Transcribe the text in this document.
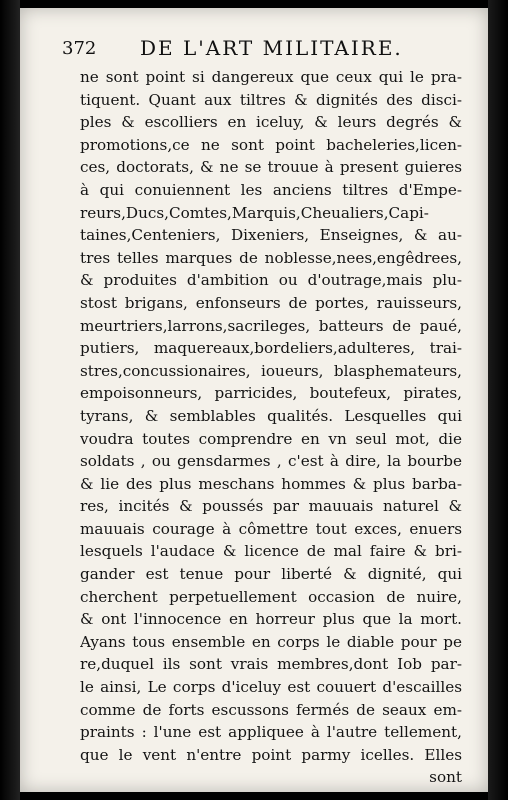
372 DE L'ART MILITAIRE.
ne sont point si dangereux que ceux qui le pra-
tiquent. Quant aux tiltres & dignités des disci-
ples & escolliers en iceluy, & leurs degrés &
promotions,ce ne sont point bacheleries,licen-
ces, doctorats, & ne se trouue à present guieres
à qui conuiennent les anciens tiltres d'Empe-
reurs,Ducs,Comtes,Marquis,Cheualiers,Capi-
taines,Centeniers, Dixeniers, Enseignes, & au-
tres telles marques de noblesse,nees,engêdrees,
& produites d'ambition ou d'outrage,mais plu-
stost brigans, enfonseurs de portes, rauisseurs,
meurtriers,larrons,sacrileges, batteurs de paué,
putiers, maquereaux,bordeliers,adulteres, trai-
stres,concussionaires, ioueurs, blasphemateurs,
empoisonneurs, parricides, boutefeux, pirates,
tyrans, & semblables qualités. Lesquelles qui
voudra toutes comprendre en vn seul mot, die
soldats , ou gensdarmes , c'est à dire, la bourbe
& lie des plus meschans hommes & plus barba-
res, incités & poussés par mauuais naturel &
mauuais courage à cômettre tout exces, enuers
lesquels l'audace & licence de mal faire & bri-
gander est tenue pour liberté & dignité, qui
cherchent perpetuellement occasion de nuire,
& ont l'innocence en horreur plus que la mort.
Ayans tous ensemble en corps le diable pour pe
re,duquel ils sont vrais membres,dont Iob par-
le ainsi, Le corps d'iceluy est couuert d'escailles
comme de forts escussons fermés de seaux em-
praints : l'une est appliquee à l'autre tellement,
que le vent n'entre point parmy icelles. Elles
sont
